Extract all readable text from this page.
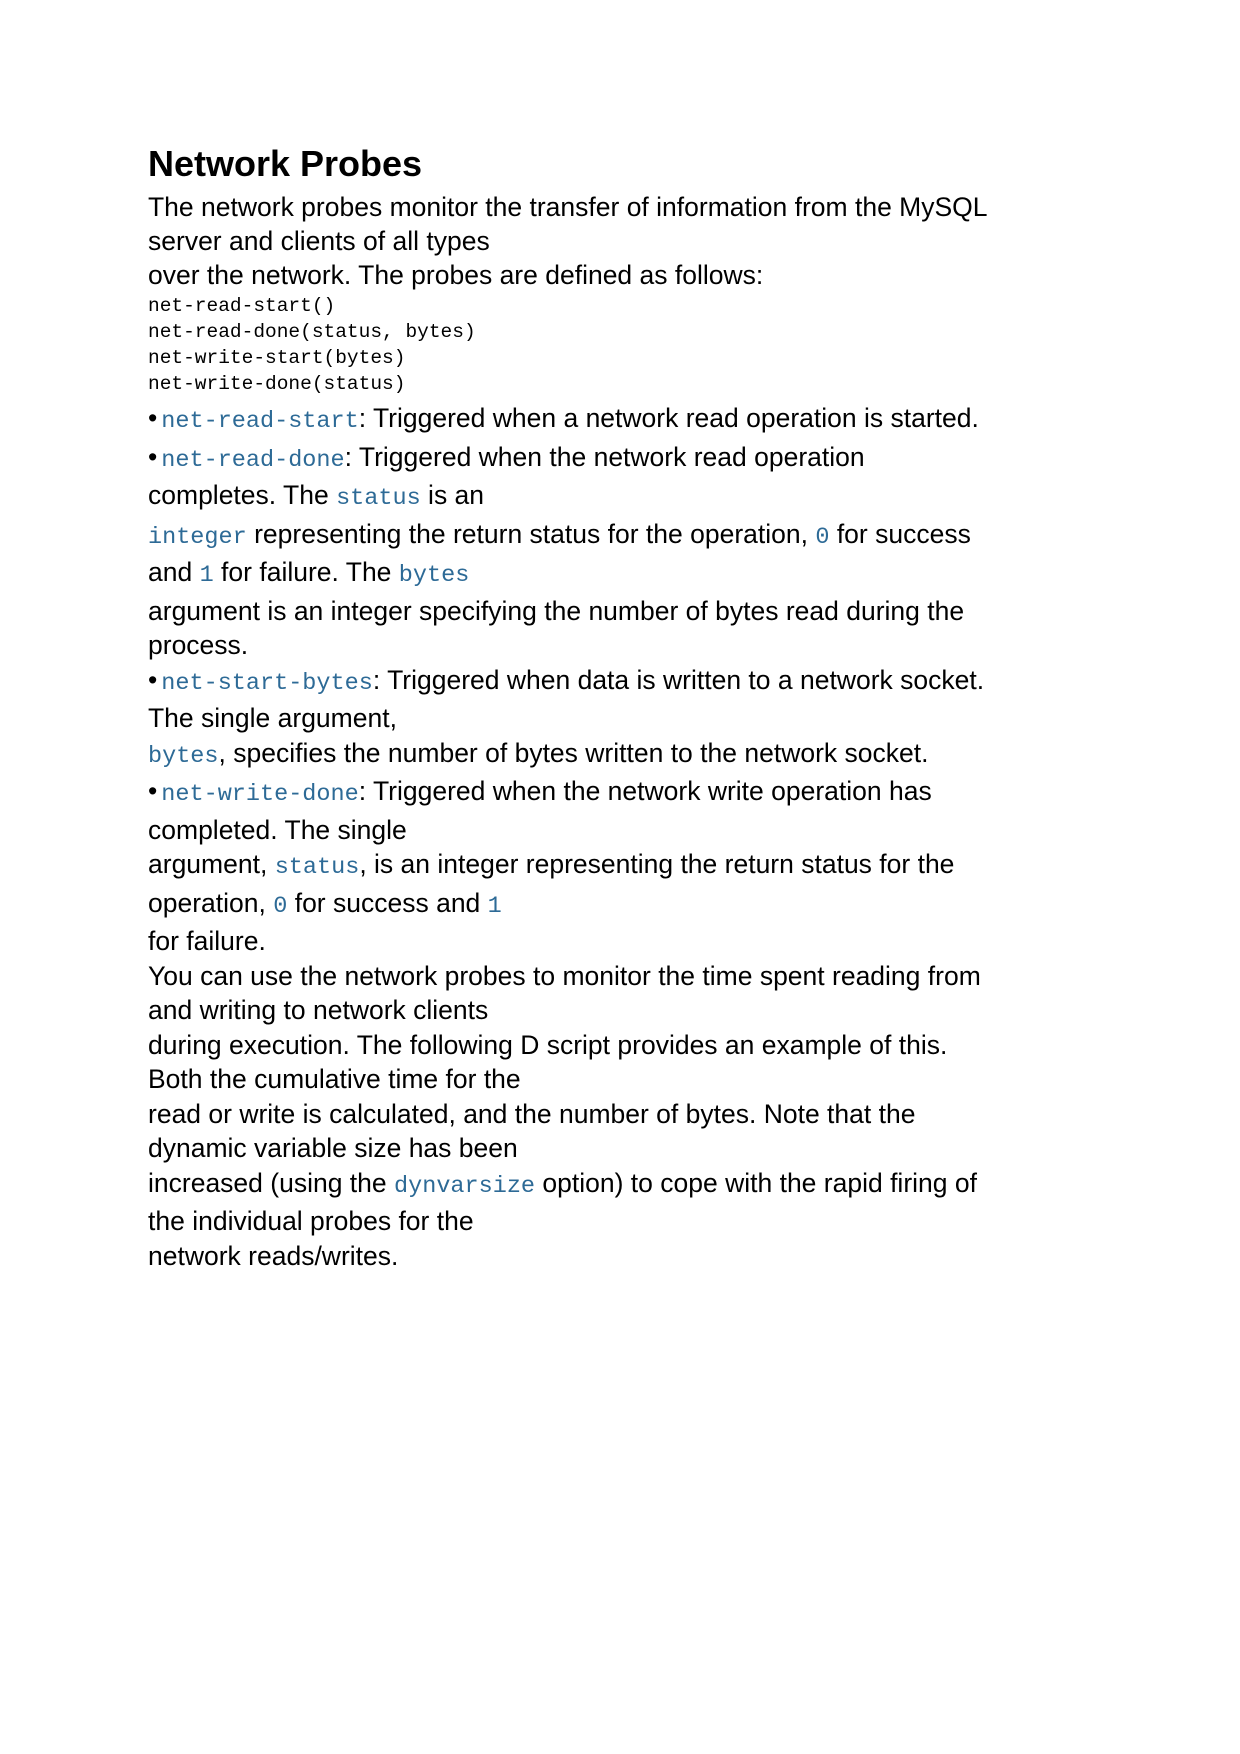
Network Probes
The network probes monitor the transfer of information from the MySQL
server and clients of all types
over the network. The probes are defined as follows:
net-read-start()
net-read-done(status, bytes)
net-write-start(bytes)
net-write-done(status)
• net-read-start: Triggered when a network read operation is started.
• net-read-done: Triggered when the network read operation
completes. The status is an
integer representing the return status for the operation, 0 for success
and 1 for failure. The bytes
argument is an integer specifying the number of bytes read during the
process.
• net-start-bytes: Triggered when data is written to a network socket.
The single argument,
bytes, specifies the number of bytes written to the network socket.
• net-write-done: Triggered when the network write operation has
completed. The single
argument, status, is an integer representing the return status for the
operation, 0 for success and 1
for failure.
You can use the network probes to monitor the time spent reading from
and writing to network clients
during execution. The following D script provides an example of this.
Both the cumulative time for the
read or write is calculated, and the number of bytes. Note that the
dynamic variable size has been
increased (using the dynvarsize option) to cope with the rapid firing of
the individual probes for the
network reads/writes.
